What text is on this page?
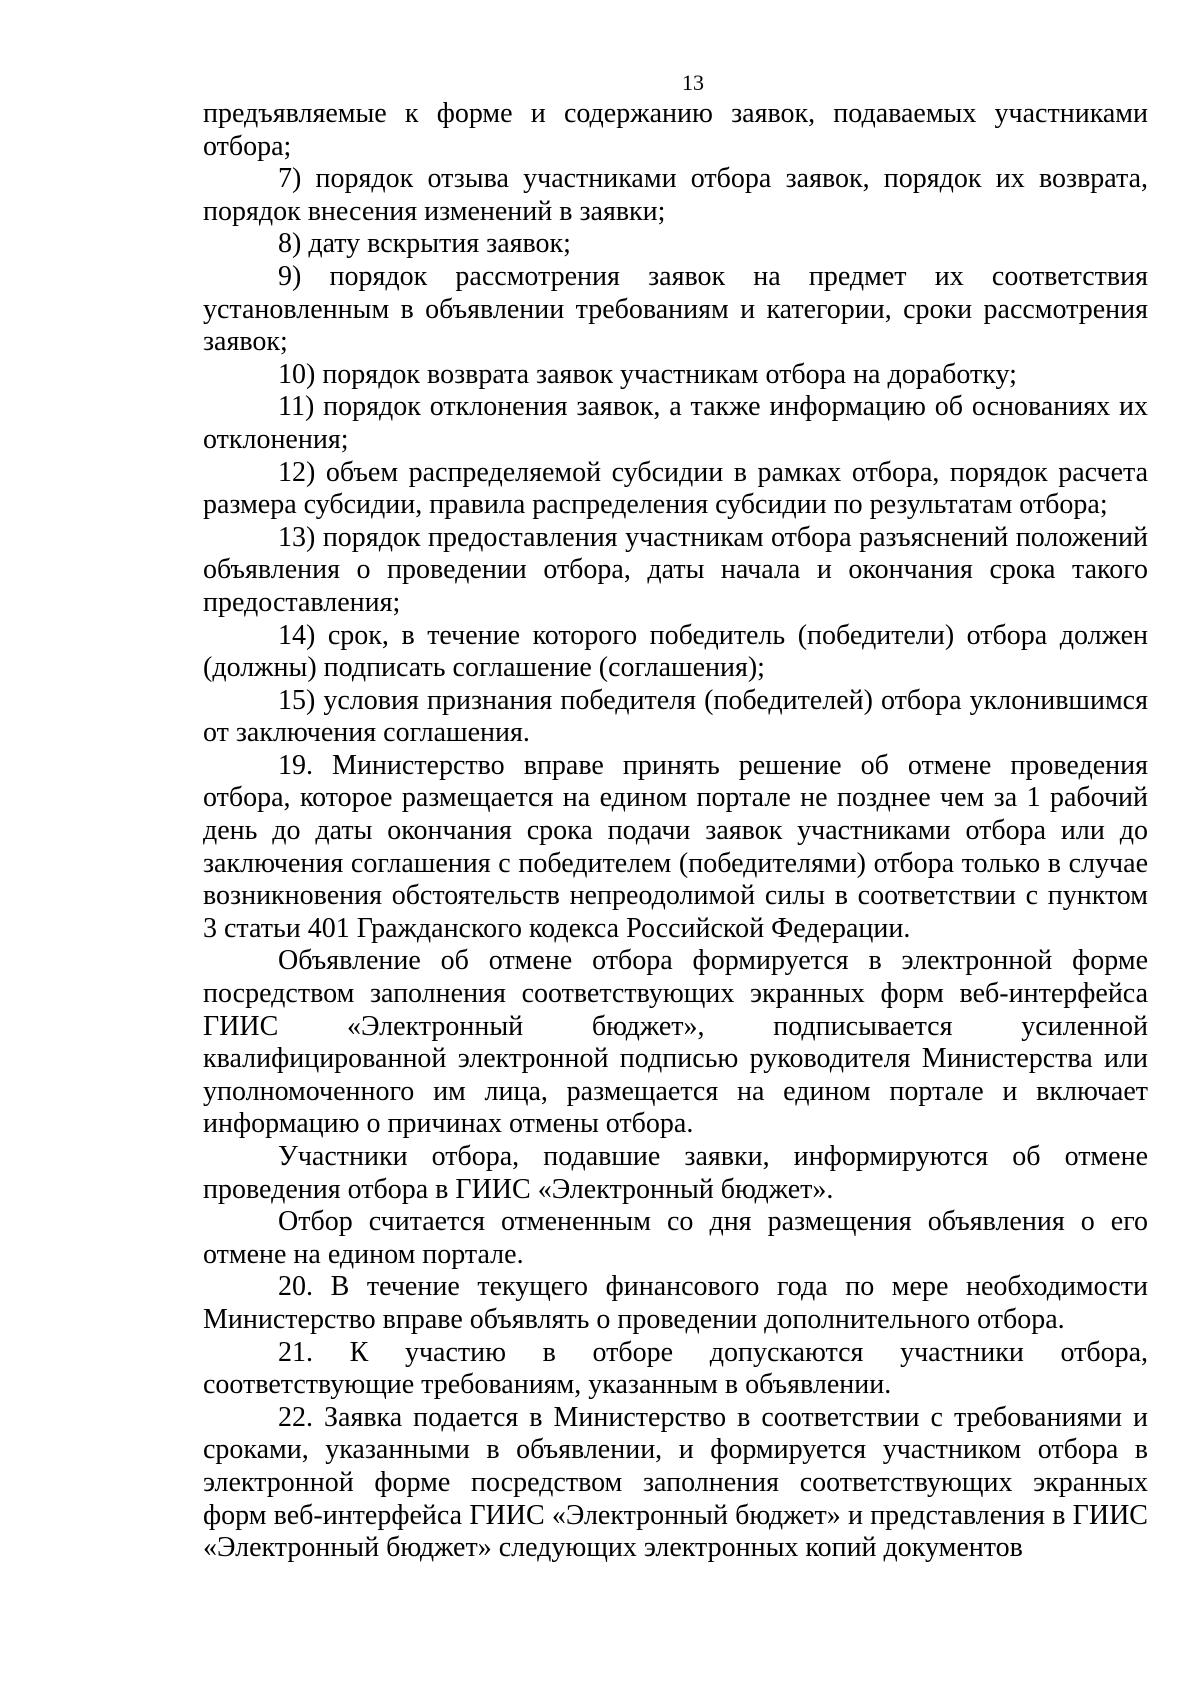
13

предъявляемые к форме и содержанию заявок, подаваемых участниками отбора;

7) порядок отзыва участниками отбора заявок, порядок их возврата, порядок внесения изменений в заявки;

8) дату вскрытия заявок;

9) порядок рассмотрения заявок на предмет их соответствия установленным в объявлении требованиям и категории, сроки рассмотрения заявок;

10) порядок возврата заявок участникам отбора на доработку;

11) порядок отклонения заявок, а также информацию об основаниях их отклонения;

12) объем распределяемой субсидии в рамках отбора, порядок расчета размера субсидии, правила распределения субсидии по результатам отбора;

13) порядок предоставления участникам отбора разъяснений положений объявления о проведении отбора, даты начала и окончания срока такого предоставления;

14) срок, в течение которого победитель (победители) отбора должен (должны) подписать соглашение (соглашения);

15) условия признания победителя (победителей) отбора уклонившимся от заключения соглашения.

19. Министерство вправе принять решение об отмене проведения отбора, которое размещается на едином портале не позднее чем за 1 рабочий день до даты окончания срока подачи заявок участниками отбора или до заключения соглашения с победителем (победителями) отбора только в случае возникновения обстоятельств непреодолимой силы в соответствии с пунктом 3 статьи 401 Гражданского кодекса Российской Федерации.

Объявление об отмене отбора формируется в электронной форме посредством заполнения соответствующих экранных форм веб-интерфейса ГИИС «Электронный бюджет», подписывается усиленной квалифицированной электронной подписью руководителя Министерства или уполномоченного им лица, размещается на едином портале и включает информацию о причинах отмены отбора.

Участники отбора, подавшие заявки, информируются об отмене проведения отбора в ГИИС «Электронный бюджет».

Отбор считается отмененным со дня размещения объявления о его отмене на едином портале.

20. В течение текущего финансового года по мере необходимости Министерство вправе объявлять о проведении дополнительного отбора.

21. К участию в отборе допускаются участники отбора, соответствующие требованиям, указанным в объявлении.

22. Заявка подается в Министерство в соответствии с требованиями и сроками, указанными в объявлении, и формируется участником отбора в электронной форме посредством заполнения соответствующих экранных форм веб-интерфейса ГИИС «Электронный бюджет» и представления в ГИИС «Электронный бюджет» следующих электронных копий документов
